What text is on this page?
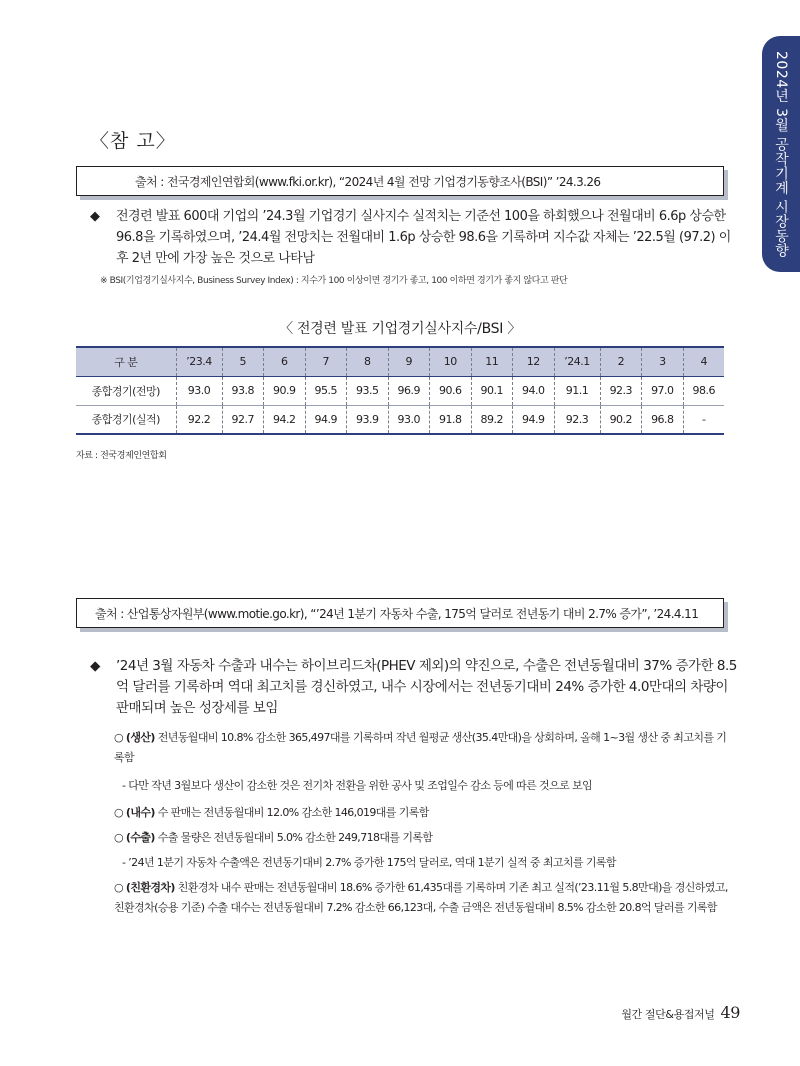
2024년 3월 공작기계 시장동향
〈참 고〉
출처 : 전국경제인연합회(www.fki.or.kr), “2024년 4월 전망 기업경기동향조사(BSI)” ’24.3.26
◆	전경련 발표 600대 기업의 ’24.3월 기업경기 실사지수 실적치는 기준선 100을 하회했으나 전월대비 6.6p 상승한 96.8을 기록하였으며, ’24.4월 전망치는 전월대비 1.6p 상승한 98.6을 기록하며 지수값 자체는 ’22.5월 (97.2) 이후 2년 만에 가장 높은 것으로 나타남
※ BSI(기업경기실사지수, Business Survey Index) : 지수가 100 이상이면 경기가 좋고, 100 이하면 경기가 좋지 않다고 판단
〈 전경련 발표 기업경기실사지수/BSI 〉
구 분	’23.4	5	6	7	8	9	10	11	12	’24.1	2	3	4
종합경기(전망)	93.0	93.8	90.9	95.5	93.5	96.9	90.6	90.1	94.0	91.1	92.3	97.0	98.6
종합경기(실적)	92.2	92.7	94.2	94.9	93.9	93.0	91.8	89.2	94.9	92.3	90.2	96.8	-
자료 : 전국경제인연합회
출처 : 산업통상자원부(www.motie.go.kr), “’24년 1분기 자동차 수출, 175억 달러로 전년동기 대비 2.7% 증가”, ’24.4.11
◆	’24년 3월 자동차 수출과 내수는 하이브리드차(PHEV 제외)의 약진으로, 수출은 전년동월대비 37% 증가한 8.5억 달러를 기록하며 역대 최고치를 경신하였고, 내수 시장에서는 전년동기대비 24% 증가한 4.0만대의 차량이 판매되며 높은 성장세를 보임
○ (생산) 전년동월대비 10.8% 감소한 365,497대를 기록하며 작년 월평균 생산(35.4만대)을 상회하며, 올해 1~3월 생산 중 최고치를 기록함
- 다만 작년 3월보다 생산이 감소한 것은 전기차 전환을 위한 공사 및 조업일수 감소 등에 따른 것으로 보임
○ (내수) 수 판매는 전년동월대비 12.0% 감소한 146,019대를 기록함
○ (수출) 수출 물량은 전년동월대비 5.0% 감소한 249,718대를 기록함
- ’24년 1분기 자동차 수출액은 전년동기대비 2.7% 증가한 175억 달러로, 역대 1분기 실적 중 최고치를 기록함
○ (친환경차) 친환경차 내수 판매는 전년동월대비 18.6% 증가한 61,435대를 기록하며 기존 최고 실적(’23.11월 5.8만대)을 경신하였고, 친환경차(승용 기준) 수출 대수는 전년동월대비 7.2% 감소한 66,123대, 수출 금액은 전년동월대비 8.5% 감소한 20.8억 달러를 기록함
월간 절단&용접저널 49
